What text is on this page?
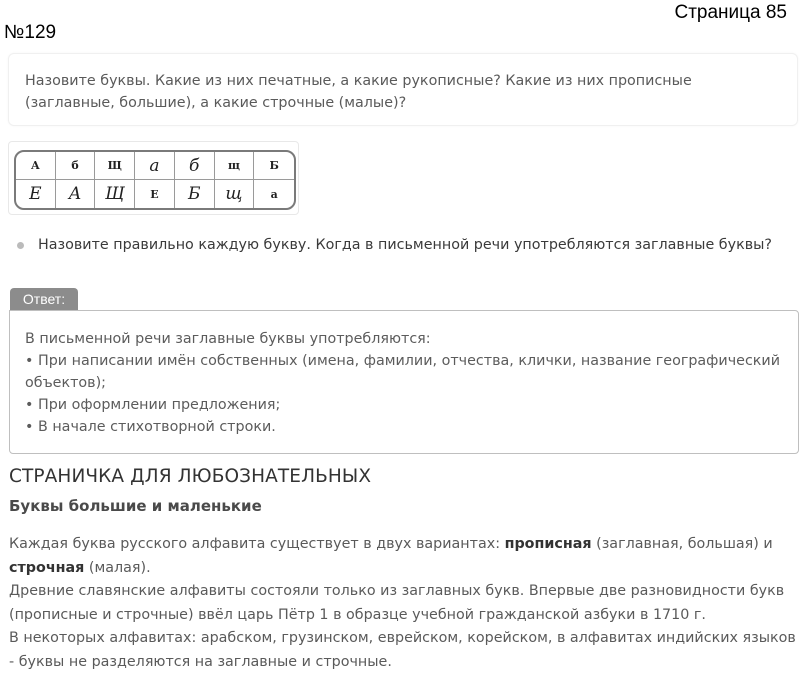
Страница 85
№129
Назовите буквы. Какие из них печатные, а какие рукописные? Какие из них прописные (заглавные, большие), а какие строчные (малые)?
А	б	Щ	а	б	щ	Б
Е	А	Щ	Е	Б	щ	а
Назовите правильно каждую букву. Когда в письменной речи употребляются заглавные буквы?
Ответ:
В письменной речи заглавные буквы употребляются:
• При написании имён собственных (имена, фамилии, отчества, клички, название географический объектов);
• При оформлении предложения;
• В начале стихотворной строки.
СТРАНИЧКА ДЛЯ ЛЮБОЗНАТЕЛЬНЫХ
Буквы большие и маленькие

Каждая буква русского алфавита существует в двух вариантах: прописная (заглавная, большая) и строчная (малая).

Древние славянские алфавиты состояли только из заглавных букв. Впервые две разновидности букв (прописные и строчные) ввёл царь Пётр 1 в образце учебной гражданской азбуки в 1710 г.

В некоторых алфавитах: арабском, грузинском, еврейском, корейском, в алфавитах индийских языков - буквы не разделяются на заглавные и строчные.
